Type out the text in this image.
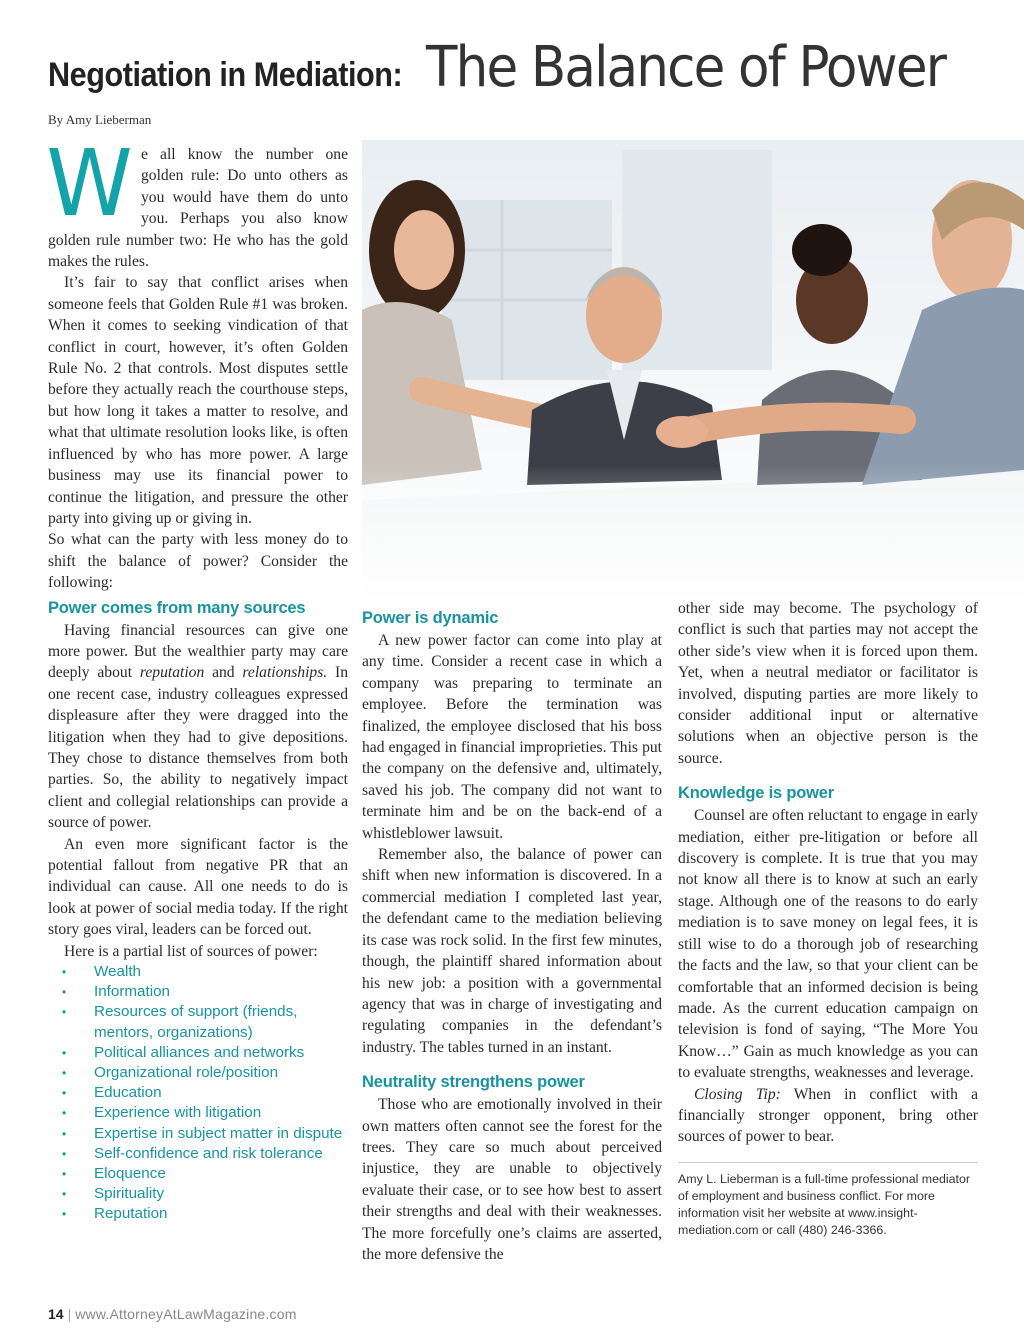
Negotiation in Mediation: The Balance of Power
By Amy Lieberman

We all know the number one golden rule: Do unto others as you would have them do unto you. Perhaps you also know golden rule number two: He who has the gold makes the rules.

It’s fair to say that conflict arises when someone feels that Golden Rule #1 was broken. When it comes to seeking vindication of that conflict in court, however, it’s often Golden Rule No. 2 that controls. Most disputes settle before they actually reach the courthouse steps, but how long it takes a matter to resolve, and what that ultimate resolution looks like, is often influenced by who has more power. A large business may use its financial power to continue the litigation, and pressure the other party into giving up or giving in.

So what can the party with less money do to shift the balance of power? Consider the following:

Power comes from many sources

Having financial resources can give one more power. But the wealthier party may care deeply about reputation and relationships. In one recent case, industry colleagues expressed displeasure after they were dragged into the litigation when they had to give depositions. They chose to distance themselves from both parties. So, the ability to negatively impact client and collegial relationships can provide a source of power.

An even more significant factor is the potential fallout from negative PR that an individual can cause. All one needs to do is look at power of social media today. If the right story goes viral, leaders can be forced out.

Here is a partial list of sources of power:

• Wealth
• Information
• Resources of support (friends, mentors, organizations)
• Political alliances and networks
• Organizational role/position
• Education
• Experience with litigation
• Expertise in subject matter in dispute
• Self-confidence and risk tolerance
• Eloquence
• Spirituality
• Reputation
Power is dynamic

A new power factor can come into play at any time. Consider a recent case in which a company was preparing to terminate an employee. Before the termination was finalized, the employee disclosed that his boss had engaged in financial improprieties. This put the company on the defensive and, ultimately, saved his job. The company did not want to terminate him and be on the back-end of a whistleblower lawsuit.

Remember also, the balance of power can shift when new information is discovered. In a commercial mediation I completed last year, the defendant came to the mediation believing its case was rock solid. In the first few minutes, though, the plaintiff shared information about his new job: a position with a governmental agency that was in charge of investigating and regulating companies in the defendant’s industry. The tables turned in an instant.

Neutrality strengthens power

Those who are emotionally involved in their own matters often cannot see the forest for the trees. They care so much about perceived injustice, they are unable to objectively evaluate their case, or to see how best to assert their strengths and deal with their weaknesses. The more forcefully one’s claims are asserted, the more defensive the

other side may become. The psychology of conflict is such that parties may not accept the other side’s view when it is forced upon them. Yet, when a neutral mediator or facilitator is involved, disputing parties are more likely to consider additional input or alternative solutions when an objective person is the source.

Knowledge is power

Counsel are often reluctant to engage in early mediation, either pre-litigation or before all discovery is complete. It is true that you may not know all there is to know at such an early stage. Although one of the reasons to do early mediation is to save money on legal fees, it is still wise to do a thorough job of researching the facts and the law, so that your client can be comfortable that an informed decision is being made. As the current education campaign on television is fond of saying, “The More You Know…” Gain as much knowledge as you can to evaluate strengths, weaknesses and leverage.

Closing Tip: When in conflict with a financially stronger opponent, bring other sources of power to bear.

Amy L. Lieberman is a full-time professional mediator of employment and business conflict. For more information visit her website at www.insight-mediation.com or call (480) 246-3366.
14 | www.AttorneyAtLawMagazine.com
